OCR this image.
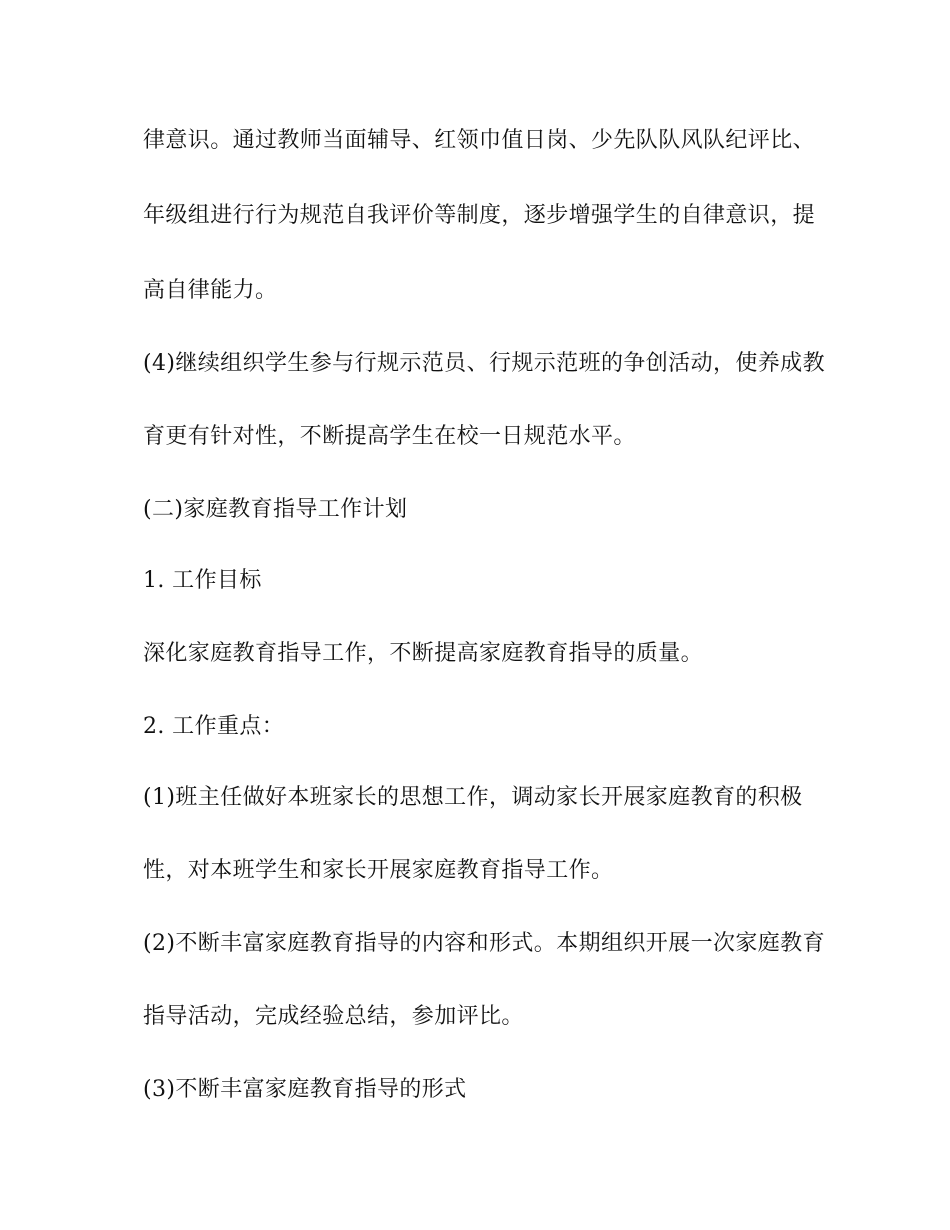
律意识。通过教师当面辅导、红领巾值日岗、少先队队风队纪评比、
年级组进行行为规范自我评价等制度，逐步增强学生的自律意识，提
高自律能力。
(4)继续组织学生参与行规示范员、行规示范班的争创活动，使养成教
育更有针对性，不断提高学生在校一日规范水平。
(二)家庭教育指导工作计划
1. 工作目标
深化家庭教育指导工作，不断提高家庭教育指导的质量。
2. 工作重点：
(1)班主任做好本班家长的思想工作，调动家长开展家庭教育的积极
性，对本班学生和家长开展家庭教育指导工作。
(2)不断丰富家庭教育指导的内容和形式。本期组织开展一次家庭教育
指导活动，完成经验总结，参加评比。
(3)不断丰富家庭教育指导的形式
